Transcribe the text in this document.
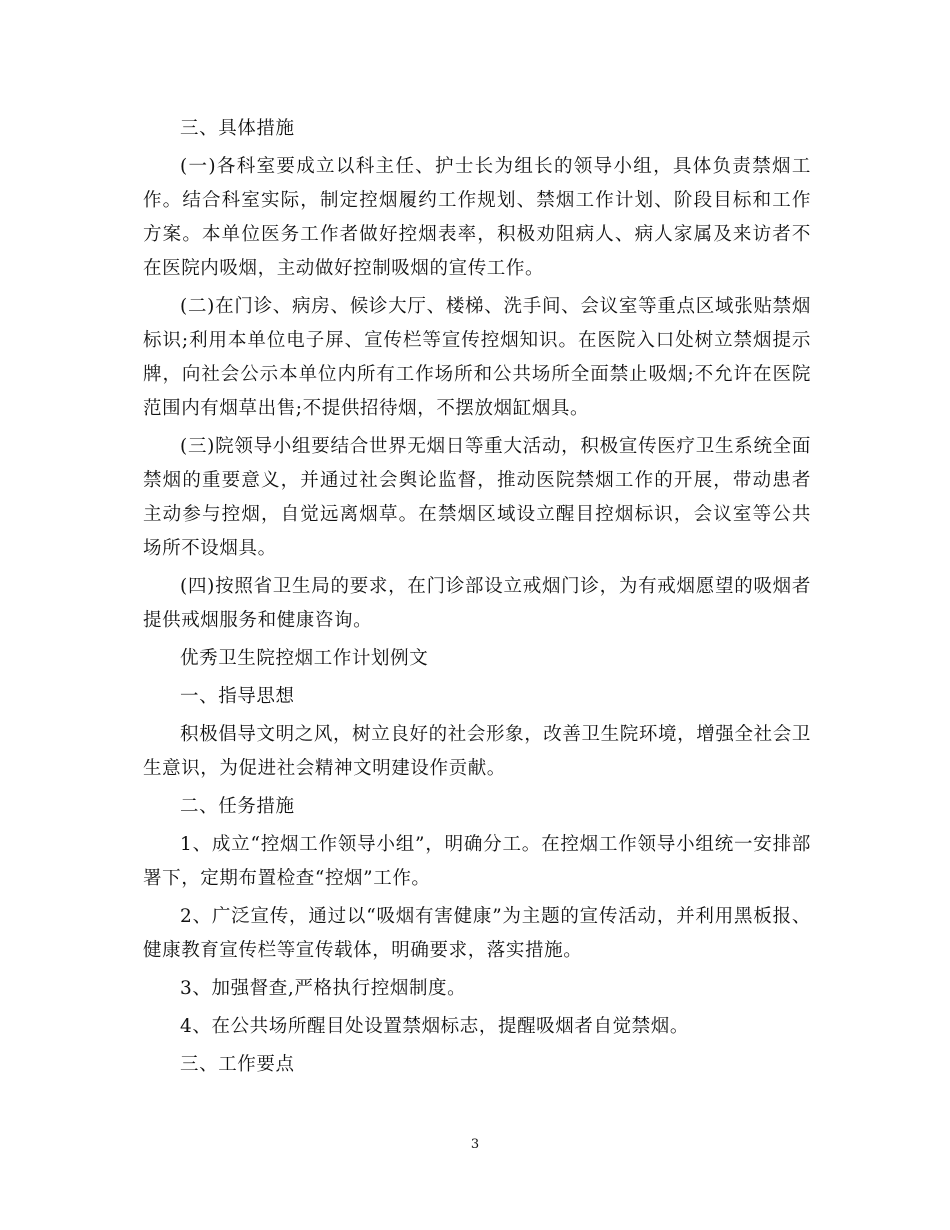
三、具体措施

(一)各科室要成立以科主任、护士长为组长的领导小组，具体负责禁烟工作。结合科室实际，制定控烟履约工作规划、禁烟工作计划、阶段目标和工作方案。本单位医务工作者做好控烟表率，积极劝阻病人、病人家属及来访者不在医院内吸烟，主动做好控制吸烟的宣传工作。

(二)在门诊、病房、候诊大厅、楼梯、洗手间、会议室等重点区域张贴禁烟标识;利用本单位电子屏、宣传栏等宣传控烟知识。在医院入口处树立禁烟提示牌，向社会公示本单位内所有工作场所和公共场所全面禁止吸烟;不允许在医院范围内有烟草出售;不提供招待烟，不摆放烟缸烟具。

(三)院领导小组要结合世界无烟日等重大活动，积极宣传医疗卫生系统全面禁烟的重要意义，并通过社会舆论监督，推动医院禁烟工作的开展，带动患者主动参与控烟，自觉远离烟草。在禁烟区域设立醒目控烟标识，会议室等公共场所不设烟具。

(四)按照省卫生局的要求，在门诊部设立戒烟门诊，为有戒烟愿望的吸烟者提供戒烟服务和健康咨询。

优秀卫生院控烟工作计划例文

一、指导思想

积极倡导文明之风，树立良好的社会形象，改善卫生院环境，增强全社会卫生意识，为促进社会精神文明建设作贡献。

二、任务措施

1、成立“控烟工作领导小组”，明确分工。在控烟工作领导小组统一安排部署下，定期布置检查“控烟”工作。

2、广泛宣传，通过以“吸烟有害健康”为主题的宣传活动，并利用黑板报、健康教育宣传栏等宣传载体，明确要求，落实措施。

3、加强督查,严格执行控烟制度。

4、在公共场所醒目处设置禁烟标志，提醒吸烟者自觉禁烟。

三、工作要点

3
